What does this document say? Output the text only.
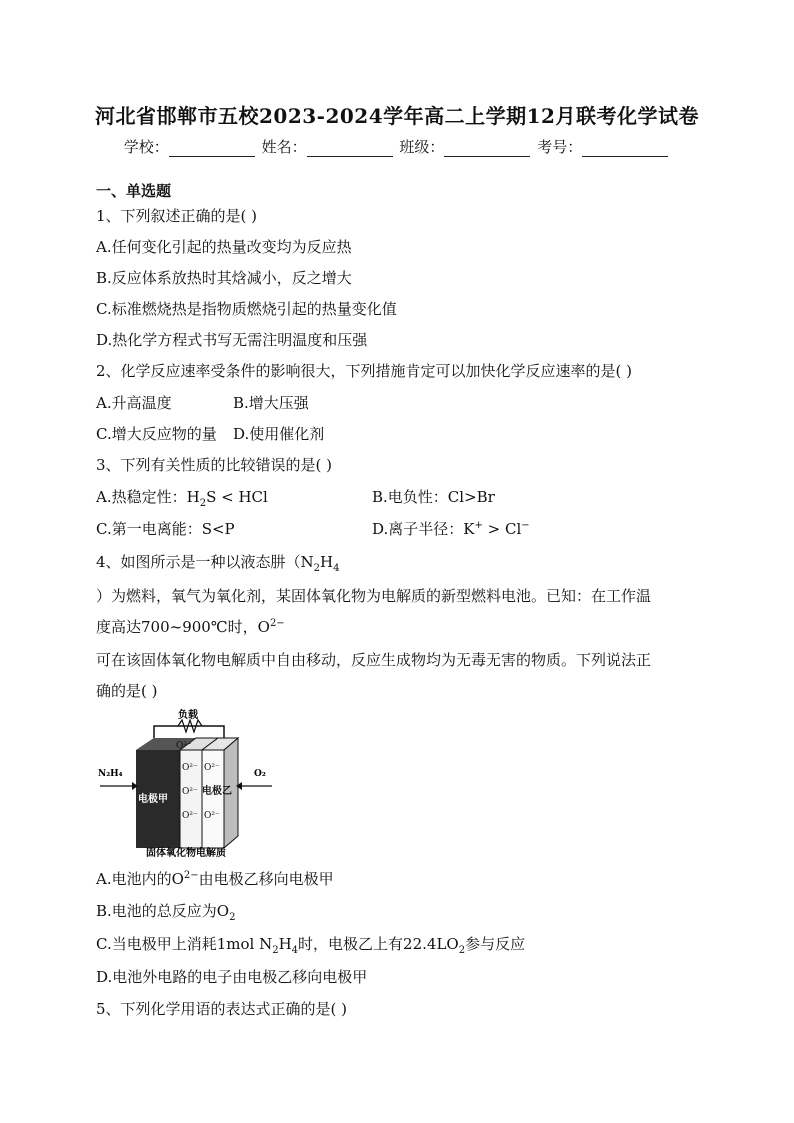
河北省邯郸市五校2023-2024学年高二上学期12月联考化学试卷
学校：	姓名：	班级：	考号：
一、单选题
1、下列叙述正确的是( )
A.任何变化引起的热量改变均为反应热
B.反应体系放热时其焓减小，反之增大
C.标准燃烧热是指物质燃烧引起的热量变化值
D.热化学方程式书写无需注明温度和压强
2、化学反应速率受条件的影响很大，下列措施肯定可以加快化学反应速率的是( )
A.升高温度	B.增大压强
C.增大反应物的量 D.使用催化剂
3、下列有关性质的比较错误的是( )
A.热稳定性：$H_2S$ < HCl	B.电负性：Cl>Br
C.第一电离能：S<P	D.离子半径：K+ > Cl−
4、如图所示是一种以液态肼（$N_2H_4$
）为燃料，氧气为氧化剂，某固体氧化物为电解质的新型燃料电池。已知：在工作温
度高达700~900℃时，$O^{2-}$
可在该固体氧化物电解质中自由移动，反应生成物均为无毒无害的物质。下列说法正
确的是( )
负载
O²⁻
O²⁻
O²⁻
O²⁻
O²⁻
O²⁻
电极甲
电极乙
N₂H₄	O₂
固体氧化物电解质
A.电池内的$O^{2-}$由电极乙移向电极甲
B.电池的总反应为$O_2$
C.当电极甲上消耗1mol $N_2H_4$时，电极乙上有$22.4LO_2$参与反应
D.电池外电路的电子由电极乙移向电极甲
5、下列化学用语的表达式正确的是( )
